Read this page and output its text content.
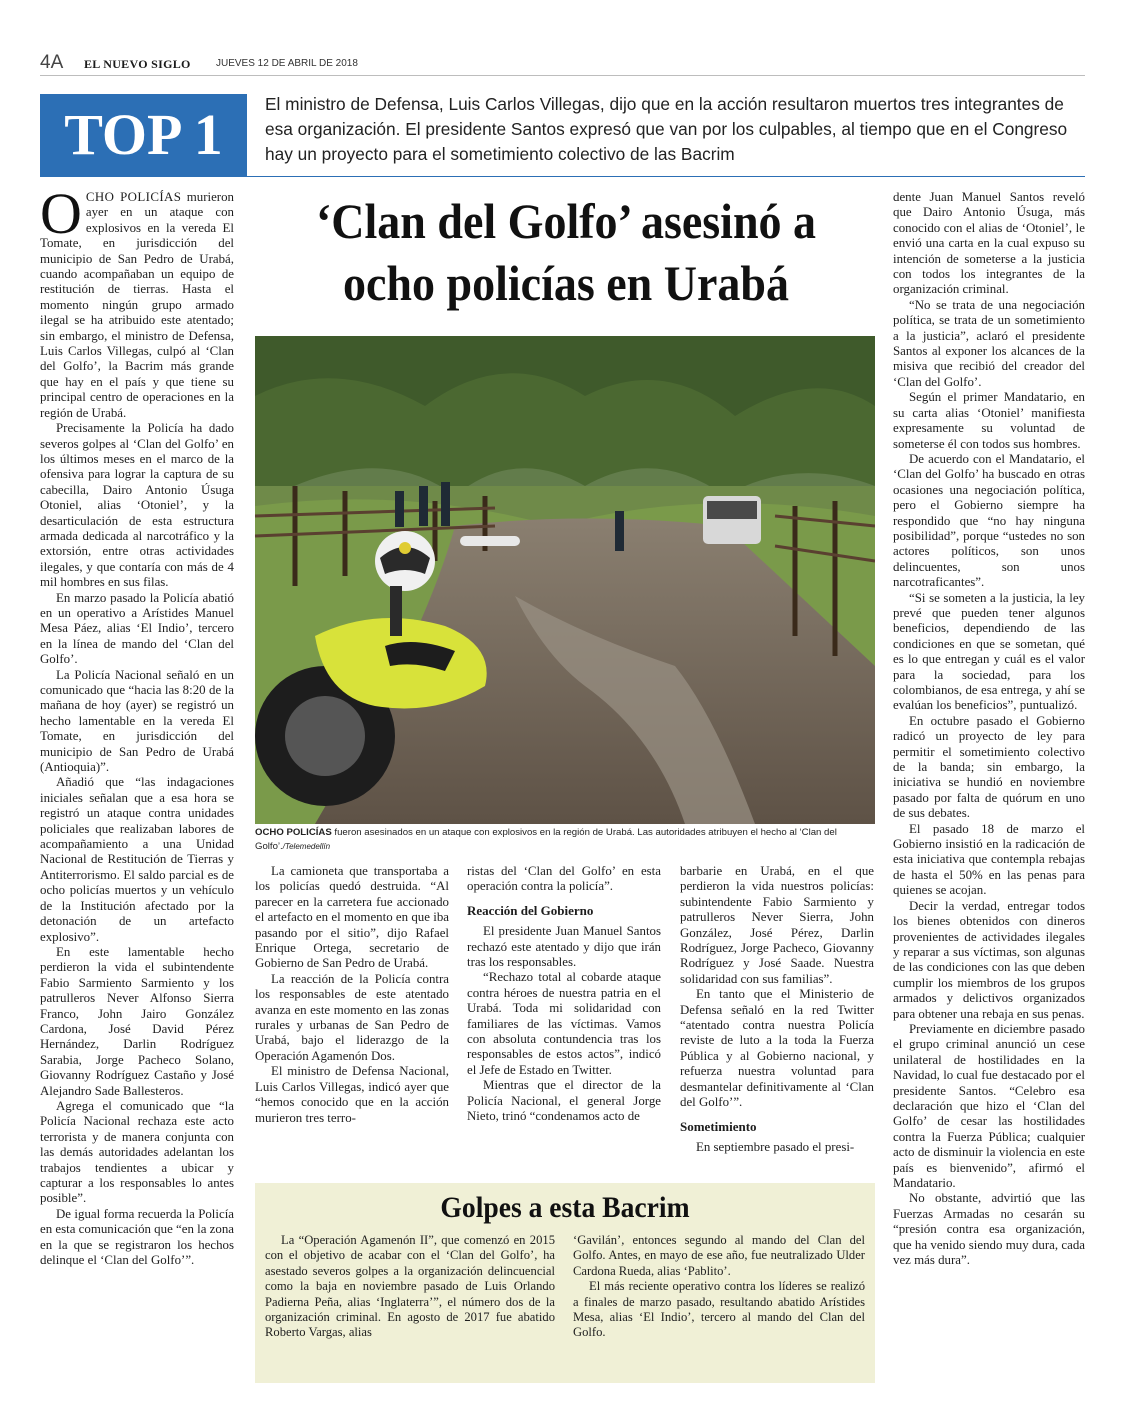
4A EL NUEVO SIGLO	JUEVES 12 DE ABRIL DE 2018
TOP 1	El ministro de Defensa, Luis Carlos Villegas, dijo que en la acción resultaron muertos tres integrantes de esa organización. El presidente Santos expresó que van por los culpables, al tiempo que en el Congreso hay un proyecto para el sometimiento colectivo de las Bacrim
‘Clan del Golfo’ asesinó a
ocho policías en Urabá
OCHO POLICÍAS fueron asesinados en un ataque con explosivos en la región de Urabá. Las autoridades atribuyen el hecho al ‘Clan del Golfo’./Telemedellín

OCHO POLICÍAS murieron ayer en un ataque con explosivos en la vereda El Tomate, en jurisdicción del municipio de San Pedro de Urabá, cuando acompañaban un equipo de restitución de tierras. Hasta el momento ningún grupo armado ilegal se ha atribuido este atentado; sin embargo, el ministro de Defensa, Luis Carlos Villegas, culpó al ‘Clan del Golfo’, la Bacrim más grande que hay en el país y que tiene su principal centro de operaciones en la región de Urabá.

Precisamente la Policía ha dado severos golpes al ‘Clan del Golfo’ en los últimos meses en el marco de la ofensiva para lograr la captura de su cabecilla, Dairo Antonio Úsuga Otoniel, alias ‘Otoniel’, y la desarticulación de esta estructura armada dedicada al narcotráfico y la extorsión, entre otras actividades ilegales, y que contaría con más de 4 mil hombres en sus filas.

En marzo pasado la Policía abatió en un operativo a Arístides Manuel Mesa Páez, alias ‘El Indio’, tercero en la línea de mando del ‘Clan del Golfo’.

La Policía Nacional señaló en un comunicado que “hacia las 8:20 de la mañana de hoy (ayer) se registró un hecho lamentable en la vereda El Tomate, en jurisdicción del municipio de San Pedro de Urabá (Antioquia)”.

Añadió que “las indagaciones iniciales señalan que a esa hora se registró un ataque contra unidades policiales que realizaban labores de acompañamiento a una Unidad Nacional de Restitución de Tierras y Antiterrorismo. El saldo parcial es de ocho policías muertos y un vehículo de la Institución afectado por la detonación de un artefacto explosivo”.

En este lamentable hecho perdieron la vida el subintendente Fabio Sarmiento Sarmiento y los patrulleros Never Alfonso Sierra Franco, John Jairo González Cardona, José David Pérez Hernández, Darlin Rodríguez Sarabia, Jorge Pacheco Solano, Giovanny Rodríguez Castaño y José Alejandro Sade Ballesteros.

Agrega el comunicado que “la Policía Nacional rechaza este acto terrorista y de manera conjunta con las demás autoridades adelantan los trabajos tendientes a ubicar y capturar a los responsables lo antes posible”.

De igual forma recuerda la Policía en esta comunicación que “en la zona en la que se registraron los hechos delinque el ‘Clan del Golfo’”.

La camioneta que transportaba a los policías quedó destruida. “Al parecer en la carretera fue accionado el artefacto en el momento en que iba pasando por el sitio”, dijo Rafael Enrique Ortega, secretario de Gobierno de San Pedro de Urabá.

La reacción de la Policía contra los responsables de este atentado avanza en este momento en las zonas rurales y urbanas de San Pedro de Urabá, bajo el liderazgo de la Operación Agamenón Dos.

El ministro de Defensa Nacional, Luis Carlos Villegas, indicó ayer que “hemos conocido que en la acción murieron tres terro-

ristas del ‘Clan del Golfo’ en esta operación contra la policía”.

Reacción del Gobierno

El presidente Juan Manuel Santos rechazó este atentado y dijo que irán tras los responsables.

“Rechazo total al cobarde ataque contra héroes de nuestra patria en el Urabá. Toda mi solidaridad con familiares de las víctimas. Vamos con absoluta contundencia tras los responsables de estos actos”, indicó el Jefe de Estado en Twitter.

Mientras que el director de la Policía Nacional, el general Jorge Nieto, trinó “condenamos acto de

barbarie en Urabá, en el que perdieron la vida nuestros policías: subintendente Fabio Sarmiento y patrulleros Never Sierra, John González, José Pérez, Darlin Rodríguez, Jorge Pacheco, Giovanny Rodríguez y José Saade. Nuestra solidaridad con sus familias”.

En tanto que el Ministerio de Defensa señaló en la red Twitter “atentado contra nuestra Policía reviste de luto a la toda la Fuerza Pública y al Gobierno nacional, y refuerza nuestra voluntad para desmantelar definitivamente al ‘Clan del Golfo’”.

Sometimiento

En septiembre pasado el presi-

dente Juan Manuel Santos reveló que Dairo Antonio Úsuga, más conocido con el alias de ‘Otoniel’, le envió una carta en la cual expuso su intención de someterse a la justicia con todos los integrantes de la organización criminal.

“No se trata de una negociación política, se trata de un sometimiento a la justicia”, aclaró el presidente Santos al exponer los alcances de la misiva que recibió del creador del ‘Clan del Golfo’.

Según el primer Mandatario, en su carta alias ‘Otoniel’ manifiesta expresamente su voluntad de someterse él con todos sus hombres.

De acuerdo con el Mandatario, el ‘Clan del Golfo’ ha buscado en otras ocasiones una negociación política, pero el Gobierno siempre ha respondido que “no hay ninguna posibilidad”, porque “ustedes no son actores políticos, son unos delincuentes, son unos narcotraficantes”.

“Si se someten a la justicia, la ley prevé que pueden tener algunos beneficios, dependiendo de las condiciones en que se sometan, qué es lo que entregan y cuál es el valor para la sociedad, para los colombianos, de esa entrega, y ahí se evalúan los beneficios”, puntualizó.

En octubre pasado el Gobierno radicó un proyecto de ley para permitir el sometimiento colectivo de la banda; sin embargo, la iniciativa se hundió en noviembre pasado por falta de quórum en uno de sus debates.

El pasado 18 de marzo el Gobierno insistió en la radicación de esta iniciativa que contempla rebajas de hasta el 50% en las penas para quienes se acojan.

Decir la verdad, entregar todos los bienes obtenidos con dineros provenientes de actividades ilegales y reparar a sus víctimas, son algunas de las condiciones con las que deben cumplir los miembros de los grupos armados y delictivos organizados para obtener una rebaja en sus penas.

Previamente en diciembre pasado el grupo criminal anunció un cese unilateral de hostilidades en la Navidad, lo cual fue destacado por el presidente Santos. “Celebro esa declaración que hizo el ‘Clan del Golfo’ de cesar las hostilidades contra la Fuerza Pública; cualquier acto de disminuir la violencia en este país es bienvenido”, afirmó el Mandatario.

No obstante, advirtió que las Fuerzas Armadas no cesarán su “presión contra esa organización, que ha venido siendo muy dura, cada vez más dura”.

Golpes a esta Bacrim

La “Operación Agamenón II”, que comenzó en 2015 con el objetivo de acabar con el ‘Clan del Golfo’, ha asestado severos golpes a la organización delincuencial como la baja en noviembre pasado de Luis Orlando Padierna Peña, alias ‘Inglaterra’”, el número dos de la organización criminal. En agosto de 2017 fue abatido Roberto Vargas, alias

‘Gavilán’, entonces segundo al mando del Clan del Golfo. Antes, en mayo de ese año, fue neutralizado Ulder Cardona Rueda, alias ‘Pablito’.

El más reciente operativo contra los líderes se realizó a finales de marzo pasado, resultando abatido Arístides Mesa, alias ‘El Indio’, tercero al mando del Clan del Golfo.
